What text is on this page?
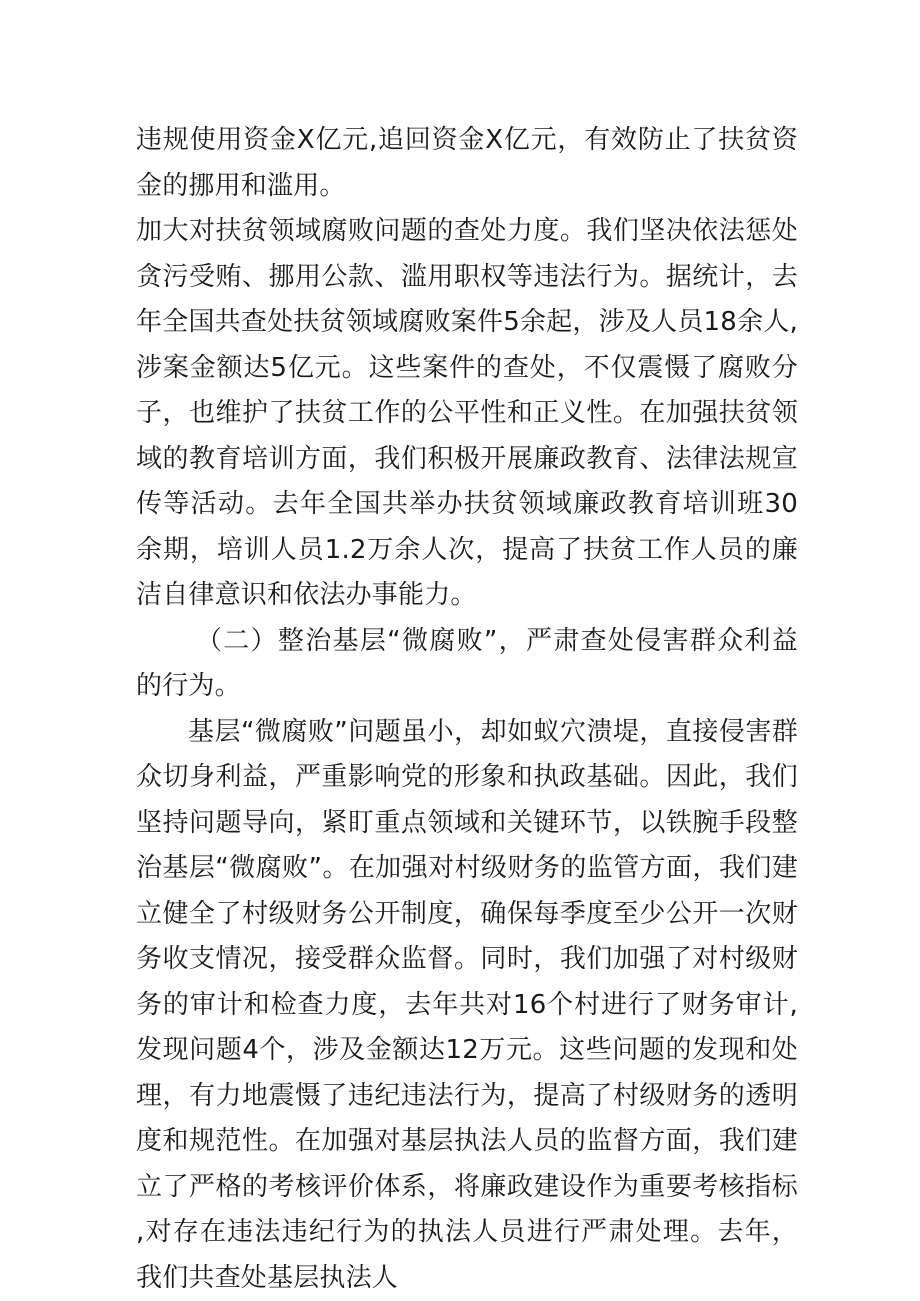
违规使用资金X亿元,追回资金X亿元，有效防止了扶贫资金的挪用和滥用。

加大对扶贫领域腐败问题的查处力度。我们坚决依法惩处贪污受贿、挪用公款、滥用职权等违法行为。据统计，去年全国共查处扶贫领域腐败案件5余起，涉及人员18余人,涉案金额达5亿元。这些案件的查处，不仅震慑了腐败分子，也维护了扶贫工作的公平性和正义性。在加强扶贫领域的教育培训方面，我们积极开展廉政教育、法律法规宣传等活动。去年全国共举办扶贫领域廉政教育培训班30余期，培训人员1.2万余人次，提高了扶贫工作人员的廉洁自律意识和依法办事能力。

（二）整治基层“微腐败”，严肃查处侵害群众利益的行为。

基层“微腐败”问题虽小，却如蚁穴溃堤，直接侵害群众切身利益，严重影响党的形象和执政基础。因此，我们坚持问题导向，紧盯重点领域和关键环节，以铁腕手段整治基层“微腐败”。在加强对村级财务的监管方面，我们建立健全了村级财务公开制度，确保每季度至少公开一次财务收支情况，接受群众监督。同时，我们加强了对村级财务的审计和检查力度，去年共对16个村进行了财务审计,发现问题4个，涉及金额达12万元。这些问题的发现和处理，有力地震慑了违纪违法行为，提高了村级财务的透明度和规范性。在加强对基层执法人员的监督方面，我们建立了严格的考核评价体系，将廉政建设作为重要考核指标,对存在违法违纪行为的执法人员进行严肃处理。去年，我们共查处基层执法人
